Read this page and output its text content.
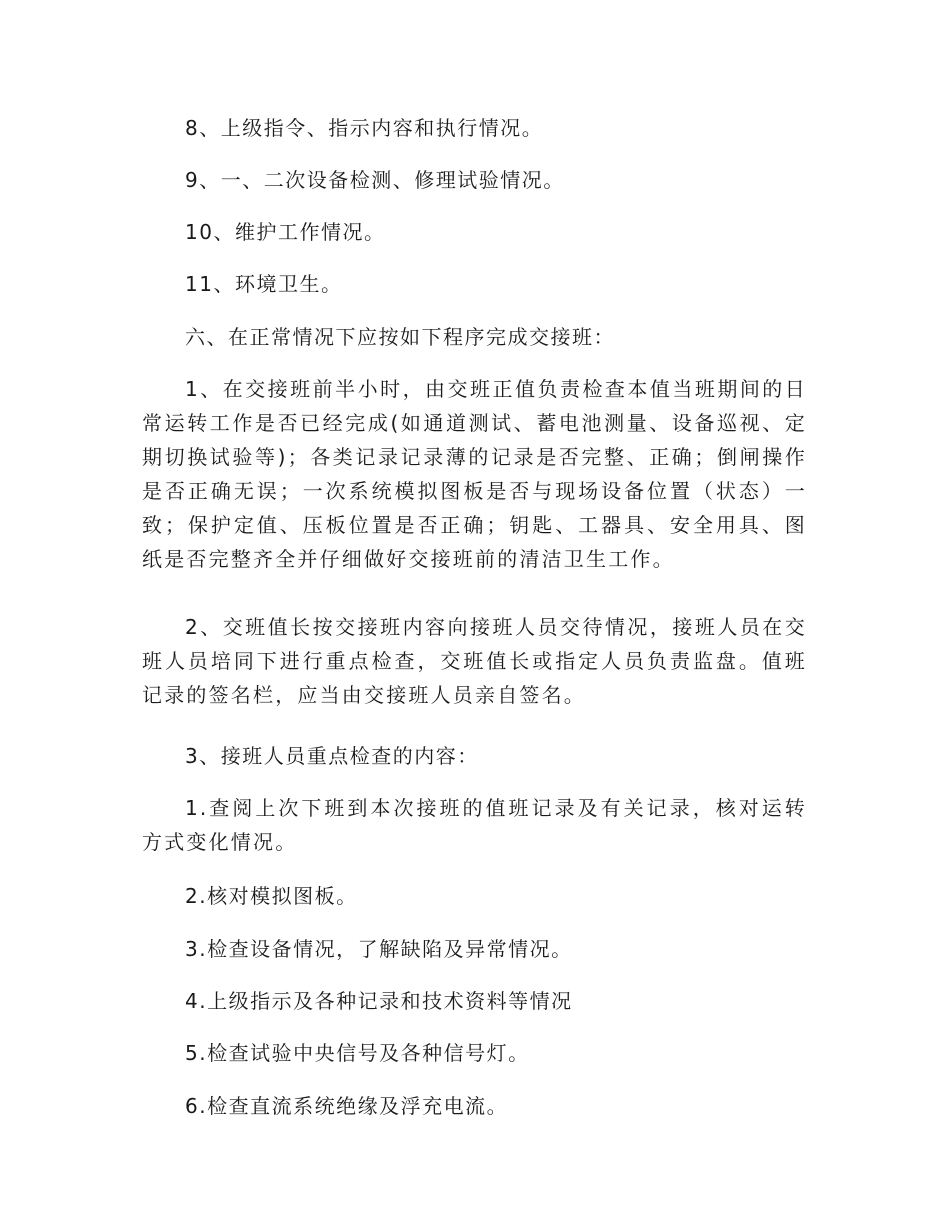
8、上级指令、指示内容和执行情况。

9、一、二次设备检测、修理试验情况。

10、维护工作情况。

11、环境卫生。

六、在正常情况下应按如下程序完成交接班：

1、在交接班前半小时，由交班正值负责检查本值当班期间的日常运转工作是否已经完成(如通道测试、蓄电池测量、设备巡视、定期切换试验等)；各类记录记录薄的记录是否完整、正确；倒闸操作是否正确无误；一次系统模拟图板是否与现场设备位置（状态）一致；保护定值、压板位置是否正确；钥匙、工器具、安全用具、图纸是否完整齐全并仔细做好交接班前的清洁卫生工作。

2、交班值长按交接班内容向接班人员交待情况，接班人员在交班人员培同下进行重点检查，交班值长或指定人员负责监盘。值班记录的签名栏，应当由交接班人员亲自签名。

3、接班人员重点检查的内容：

1.查阅上次下班到本次接班的值班记录及有关记录，核对运转方式变化情况。

2.核对模拟图板。

3.检查设备情况，了解缺陷及异常情况。

4.上级指示及各种记录和技术资料等情况

5.检查试验中央信号及各种信号灯。

6.检查直流系统绝缘及浮充电流。
